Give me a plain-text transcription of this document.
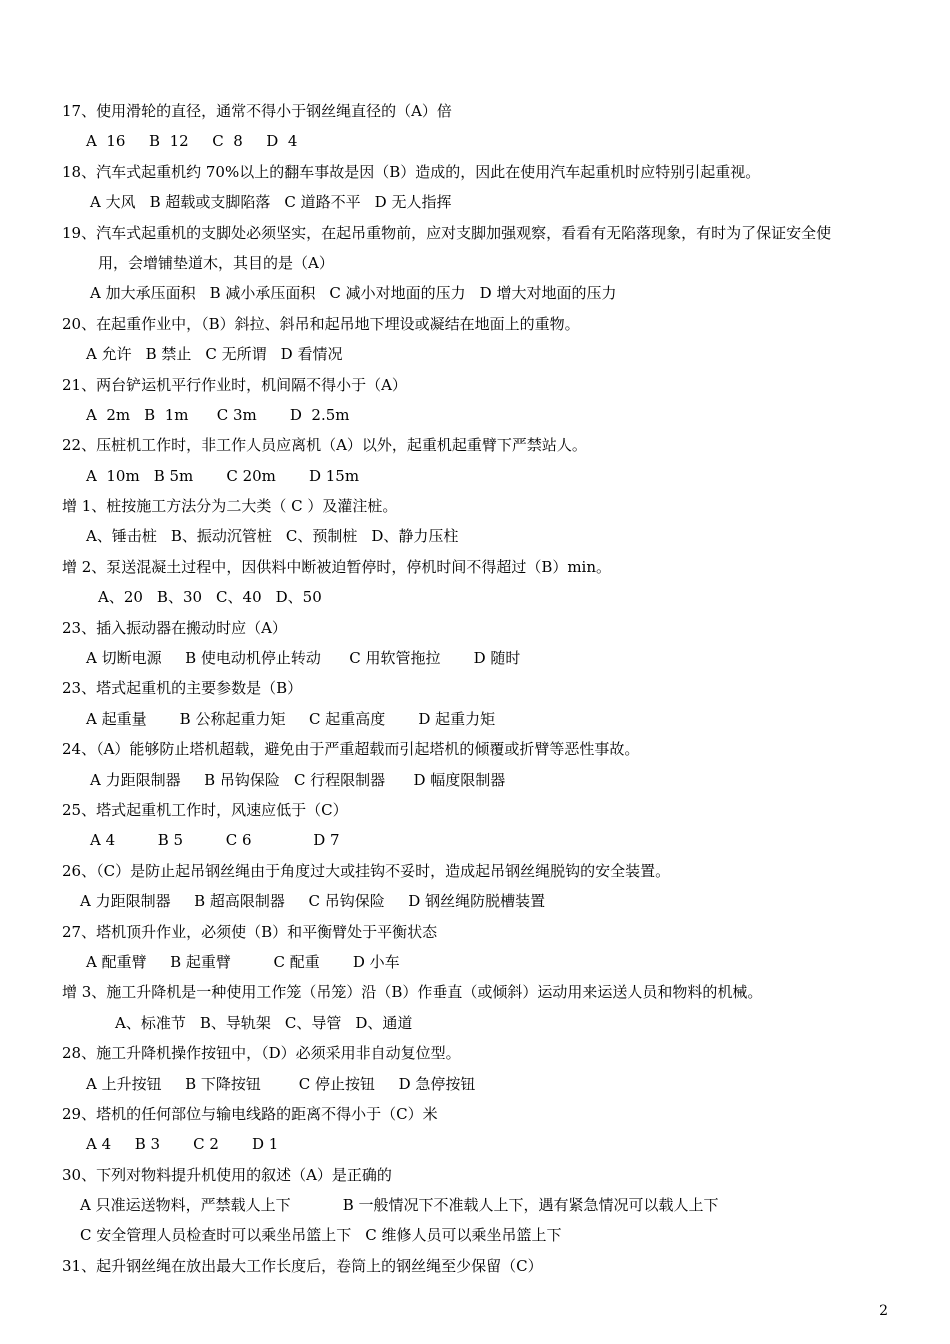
17、使用滑轮的直径，通常不得小于钢丝绳直径的（A）倍
A  16  B  12  C  8  D  4
18、汽车式起重机约 70%以上的翻车事故是因（B）造成的，因此在使用汽车起重机时应特别引起重视。
A 大风 B 超载或支脚陷落 C 道路不平 D 无人指挥
19、汽车式起重机的支脚处必须坚实，在起吊重物前，应对支脚加强观察，看看有无陷落现象，有时为了保证安全使
用，会增铺垫道木，其目的是（A）
A 加大承压面积 B 减小承压面积 C 减小对地面的压力 D 增大对地面的压力
20、在起重作业中，（B）斜拉、斜吊和起吊地下埋设或凝结在地面上的重物。
A 允许 B 禁止 C 无所谓 D 看情况
21、两台铲运机平行作业时，机间隔不得小于（A）
A  2m B  1m   C 3m    D  2.5m
22、压桩机工作时，非工作人员应离机（A）以外，起重机起重臂下严禁站人。
A  10m B 5m    C 20m    D 15m
增 1、桩按施工方法分为二大类（ C ）及灌注桩。
A、锤击桩 B、振动沉管桩 C、预制桩 D、静力压柱
增 2、泵送混凝土过程中，因供料中断被迫暂停时，停机时间不得超过（B）min。
A、20 B、30 C、40 D、50
23、插入振动器在搬动时应（A）
A 切断电源  B 使电动机停止转动   C 用软管拖拉    D 随时
23、塔式起重机的主要参数是（B）
A 起重量    B 公称起重力矩  C 起重高度    D 起重力矩
24、（A）能够防止塔机超载，避免由于严重超载而引起塔机的倾覆或折臂等恶性事故。
A 力距限制器  B 吊钩保险 C 行程限制器   D 幅度限制器
25、塔式起重机工作时，风速应低于（C）
A 4      B 5      C 6          D 7
26、（C）是防止起吊钢丝绳由于角度过大或挂钩不妥时，造成起吊钢丝绳脱钩的安全装置。
A 力距限制器  B 超高限制器  C 吊钩保险  D 钢丝绳防脱槽装置
27、塔机顶升作业，必须使（B）和平衡臂处于平衡状态
A 配重臂  B 起重臂      C 配重    D 小车
增 3、施工升降机是一种使用工作笼（吊笼）沿（B）作垂直（或倾斜）运动用来运送人员和物料的机械。
A、标准节 B、导轨架 C、导管 D、通道
28、施工升降机操作按钮中，（D）必须采用非自动复位型。
A 上升按钮  B 下降按钮     C 停止按钮  D 急停按钮
29、塔机的任何部位与输电线路的距离不得小于（C）米
A 4  B 3    C 2    D 1
30、下列对物料提升机使用的叙述（A）是正确的
A 只准运送物料，严禁载人上下        B 一般情况下不准载人上下，遇有紧急情况可以载人上下
C 安全管理人员检查时可以乘坐吊篮上下 C 维修人员可以乘坐吊篮上下
31、起升钢丝绳在放出最大工作长度后，卷筒上的钢丝绳至少保留（C）
2
